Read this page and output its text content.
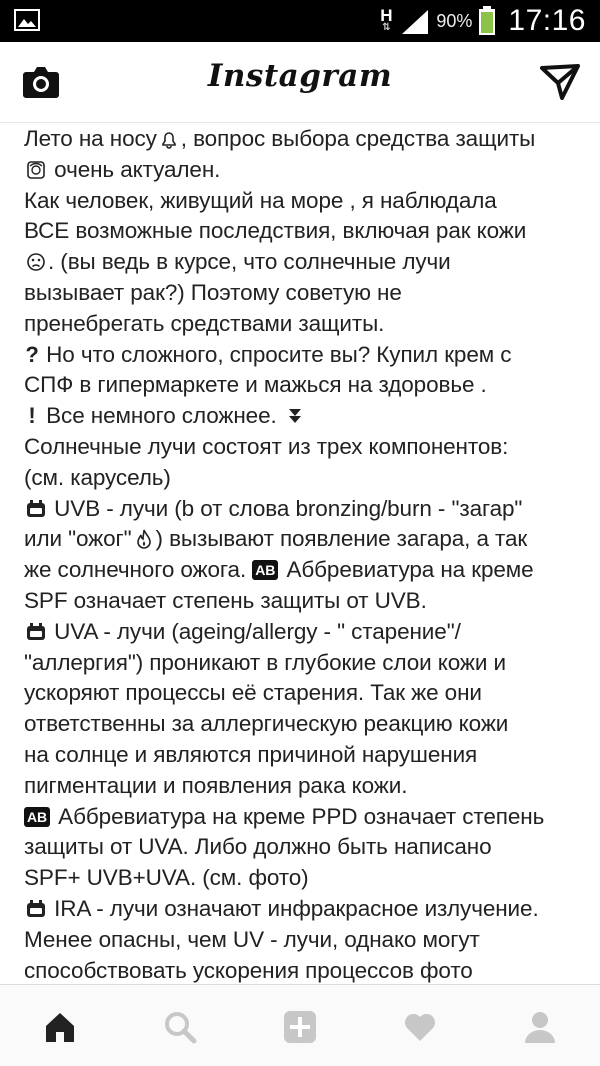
H
⇅	90% 17:16
Instagram
Лето на носу , вопрос выбора средства защиты
очень актуален.
Как человек, живущий на море , я наблюдала
ВСЕ возможные последствия, включая рак кожи
. (вы ведь в курсе, что солнечные лучи
вызывает рак?) Поэтому советую не
пренебрегать средствами защиты.
? Но что сложного, спросите вы? Купил крем с
СПФ в гипермаркете и мажься на здоровье .
! Все немного сложнее.
Солнечные лучи состоят из трех компонентов:
(см. карусель)
UVB - лучи (b от слова bronzing/burn - "загар"
или "ожог" ) вызывают появление загара, а так
же солнечного ожога. AB Аббревиатура на креме
SPF означает степень защиты от UVB.
UVA - лучи (ageing/allergy - " старение"/
"аллергия") проникают в глубокие слои кожи и
ускоряют процессы её старения. Так же они
ответственны за аллергическую реакцию кожи
на солнце и являются причиной нарушения
пигментации и появления рака кожи.
AB Аббревиатура на креме PPD означает степень
защиты от UVA. Либо должно быть написано
SPF+ UVB+UVA. (см. фото)
IRA - лучи означают инфракрасное излучение.
Менее опасны, чем UV - лучи, однако могут
способствовать ускорения процессов фото
